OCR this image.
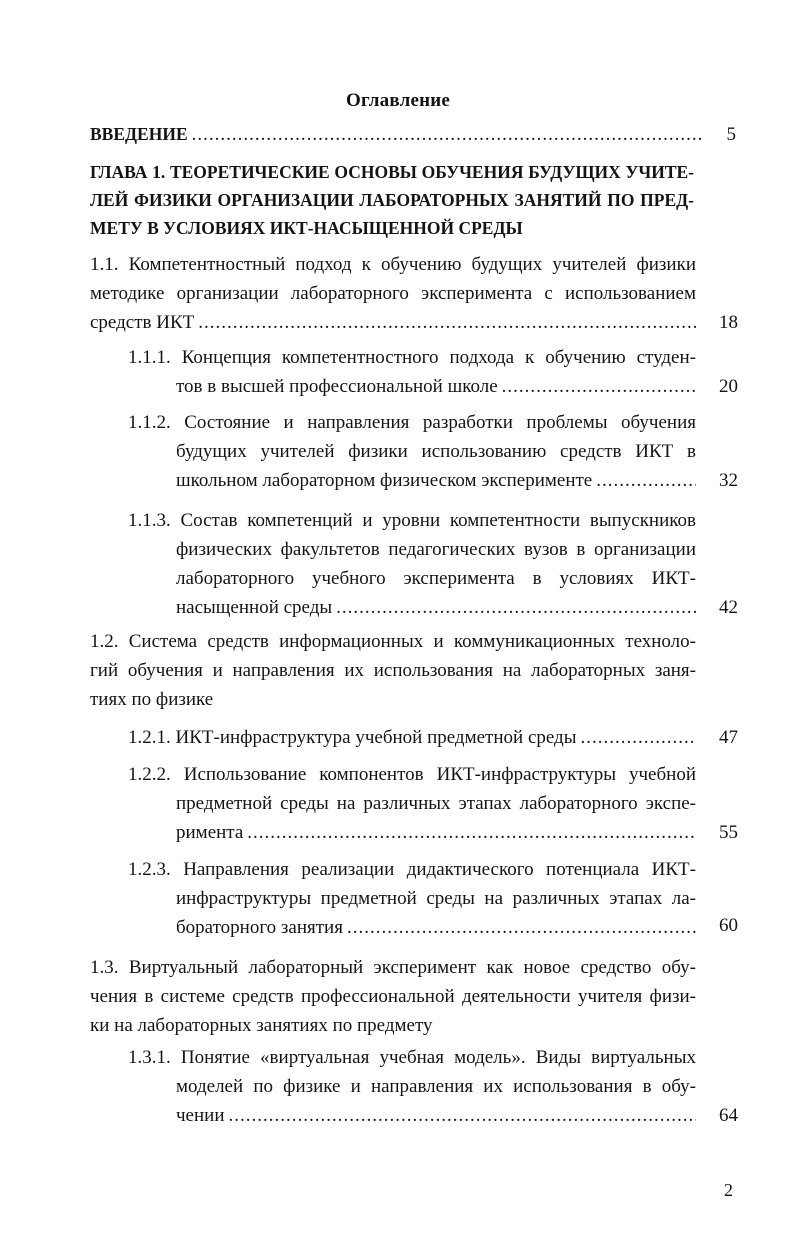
Оглавление
ВВЕДЕНИЕ .....	5
ГЛАВА 1. ТЕОРЕТИЧЕСКИЕ ОСНОВЫ ОБУЧЕНИЯ БУДУЩИХ УЧИТЕ-
ЛЕЙ ФИЗИКИ ОРГАНИЗАЦИИ ЛАБОРАТОРНЫХ ЗАНЯТИЙ ПО ПРЕД-
МЕТУ В УСЛОВИЯХ ИКТ-НАСЫЩЕННОЙ СРЕДЫ
1.1. Компетентностный подход к обучению будущих учителей физики
методике организации лабораторного эксперимента с использованием
средств ИКТ .....	18
1.1.1. Концепция компетентностного подхода к обучению студен-
тов в высшей профессиональной школе .....	20
1.1.2. Состояние и направления разработки проблемы обучения
будущих учителей физики использованию средств ИКТ в
школьном лабораторном физическом эксперименте .....	32
1.1.3. Состав компетенций и уровни компетентности выпускников
физических факультетов педагогических вузов в организации
лабораторного учебного эксперимента в условиях ИКТ-
насыщенной среды .....	42
1.2. Система средств информационных и коммуникационных техноло-
гий обучения и направления их использования на лабораторных заня-
тиях по физике
1.2.1. ИКТ-инфраструктура учебной предметной среды .....	47
1.2.2. Использование компонентов ИКТ-инфраструктуры учебной
предметной среды на различных этапах лабораторного экспе-
римента .....	55
1.2.3. Направления реализации дидактического потенциала ИКТ-
инфраструктуры предметной среды на различных этапах ла-
бораторного занятия .....	60
1.3. Виртуальный лабораторный эксперимент как новое средство обу-
чения в системе средств профессиональной деятельности учителя физи-
ки на лабораторных занятиях по предмету
1.3.1. Понятие «виртуальная учебная модель». Виды виртуальных
моделей по физике и направления их использования в обу-
чении .....	64
2
